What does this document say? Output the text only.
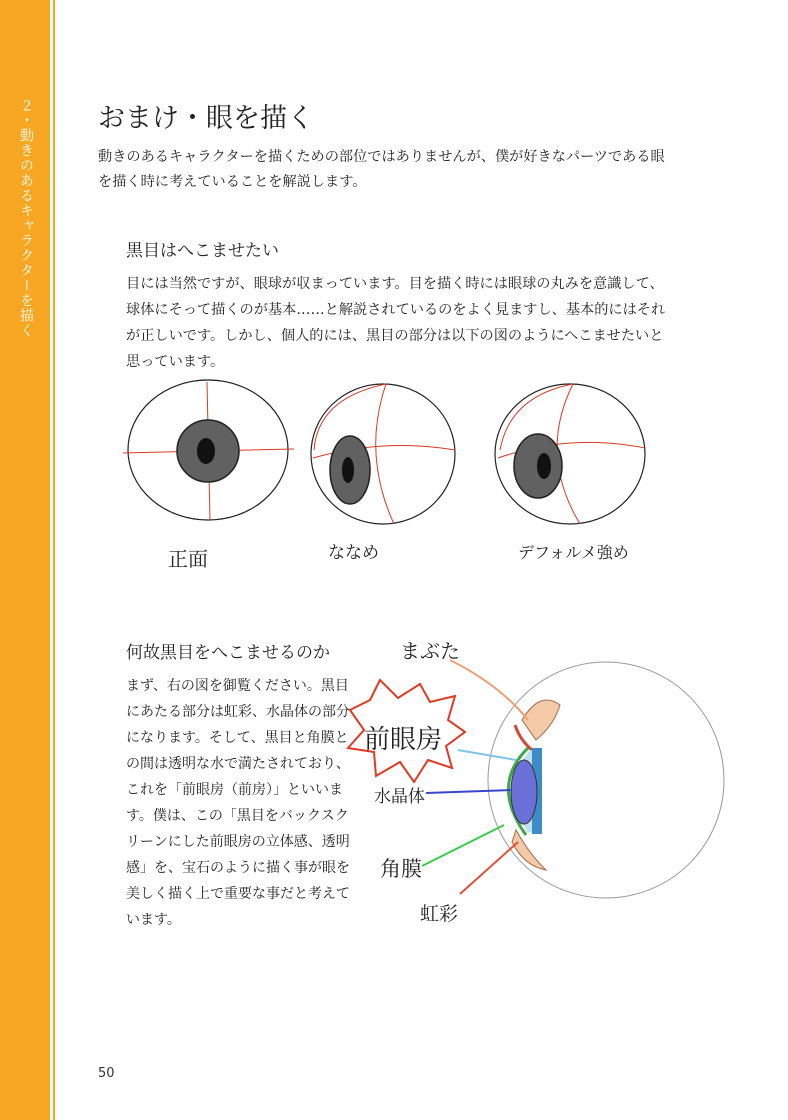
２・動きのあるキャラクターを描く おまけ・眼を描く

動きのあるキャラクターを描くための部位ではありませんが、僕が好きなパーツである眼を描く時に考えていることを解説します。

黒目はへこませたい

目には当然ですが、眼球が収まっています。目を描く時には眼球の丸みを意識して、球体にそって描くのが基本……と解説されているのをよく見ますし、基本的にはそれが正しいです。しかし、個人的には、黒目の部分は以下の図のようにへこませたいと思っています。

正面	ななめ	デフォルメ強め
何故黒目をへこませるのか

まず、右の図を御覧ください。黒目にあたる部分は虹彩、水晶体の部分になります。そして、黒目と角膜との間は透明な水で満たされており、これを「前眼房（前房）」といいます。僕は、この「黒目をバックスクリーンにした前眼房の立体感、透明感」を、宝石のように描く事が眼を美しく描く上で重要な事だと考えています。

前眼房
まぶた
水晶体
角膜
虹彩
50
